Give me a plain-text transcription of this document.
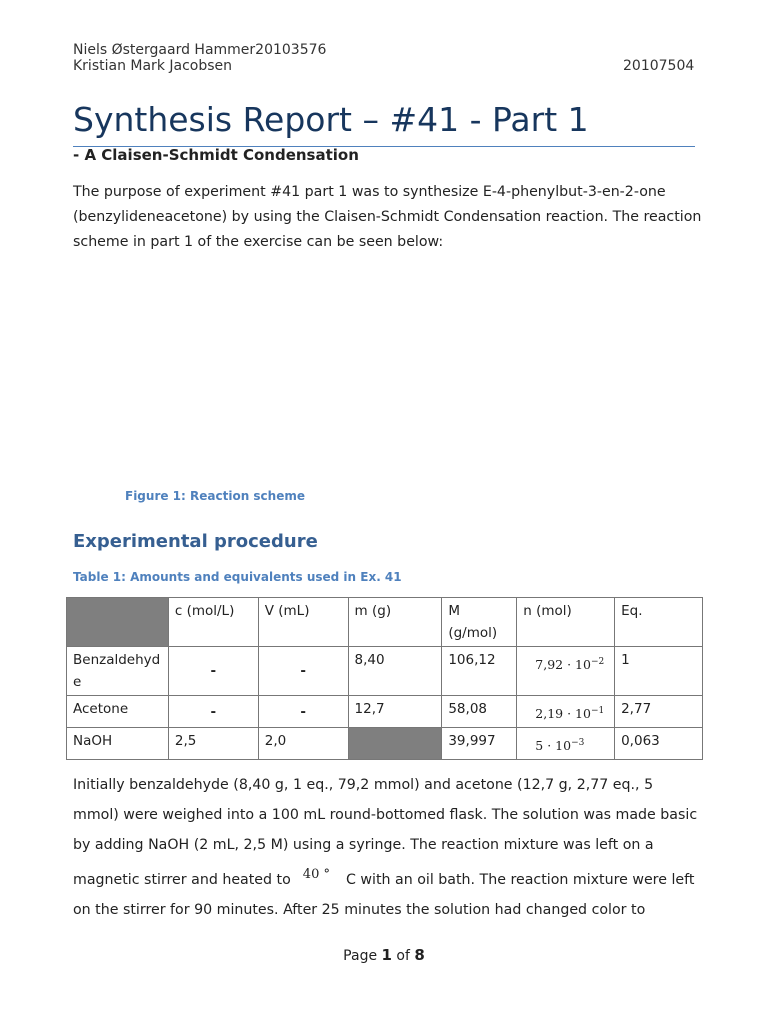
Niels Østergaard Hammer20103576
Kristian Mark Jacobsen	20107504
Synthesis Report – #41 - Part 1
- A Claisen-Schmidt Condensation
The purpose of experiment #41 part 1 was to synthesize E-4-phenylbut-3-en-2-one (benzylideneacetone) by using the Claisen-Schmidt Condensation reaction. The reaction scheme in part 1 of the exercise can be seen below:
Figure 1: Reaction scheme
Experimental procedure
Table 1: Amounts and equivalents used in Ex. 41
	c (mol/L)	V (mL)	m (g)	M (g/mol)	n (mol)	Eq.
Benzaldehyde	-	-	8,40	106,12	$7,92 \cdot 10^{-2}$	1
Acetone	-	-	12,7	58,08	$2,19 \cdot 10^{-1}$	2,77
NaOH	2,5	2,0		39,997	$5 \cdot 10^{-3}$	0,063
Initially benzaldehyde (8,40 g, 1 eq., 79,2 mmol) and acetone (12,7 g, 2,77 eq., 5 mmol) were weighed into a 100 mL round-bottomed flask. The solution was made basic by adding NaOH (2 mL, 2,5 M) using a syringe. The reaction mixture was left on a magnetic stirrer and heated to 40 ° C with an oil bath. The reaction mixture were left on the stirrer for 90 minutes. After 25 minutes the solution had changed color to
Page 1 of 8
